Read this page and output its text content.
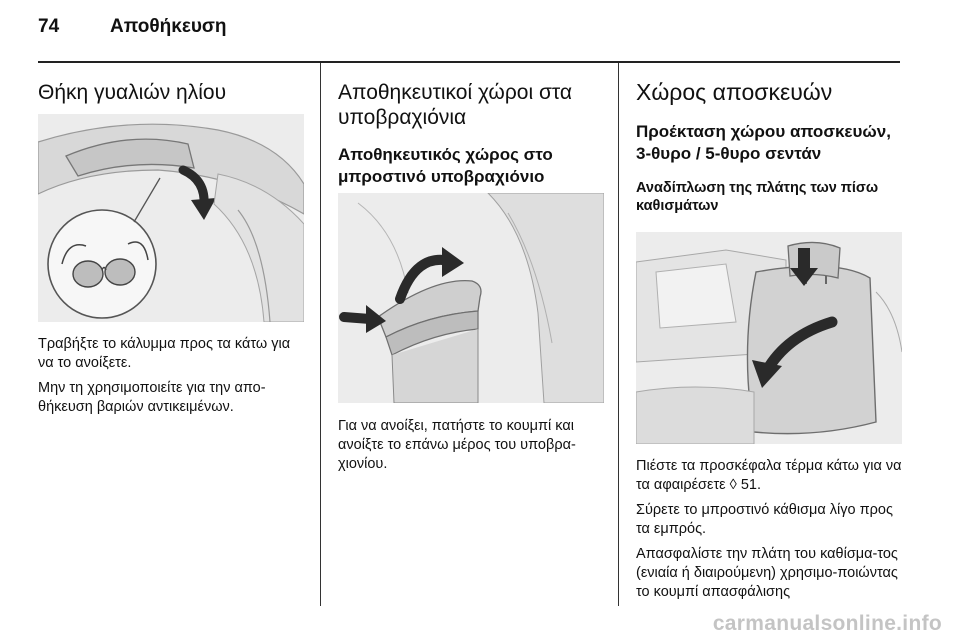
74	Αποθήκευση
Θήκη γυαλιών ηλίου

Τραβήξτε το κάλυμμα προς τα κάτω για να το ανοίξετε.

Μην τη χρησιμοποιείτε για την απο-θήκευση βαριών αντικειμένων.

Αποθηκευτικοί χώροι στα υποβραχιόνια
Αποθηκευτικός χώρος στο μπροστινό υποβραχιόνιο

Για να ανοίξει, πατήστε το κουμπί και ανοίξτε το επάνω μέρος του υποβρα-χιονίου.

Χώρος αποσκευών
Προέκταση χώρου αποσκευών, 3-θυρο / 5-θυρο σεντάν
Αναδίπλωση της πλάτης των πίσω καθισμάτων

Πιέστε τα προσκέφαλα τέρμα κάτω για να τα αφαιρέσετε ◊ 51.

Σύρετε το μπροστινό κάθισμα λίγο προς τα εμπρός.

Απασφαλίστε την πλάτη του καθίσμα-τος (ενιαία ή διαιρούμενη) χρησιμο-ποιώντας το κουμπί απασφάλισης

carmanualsonline.info
